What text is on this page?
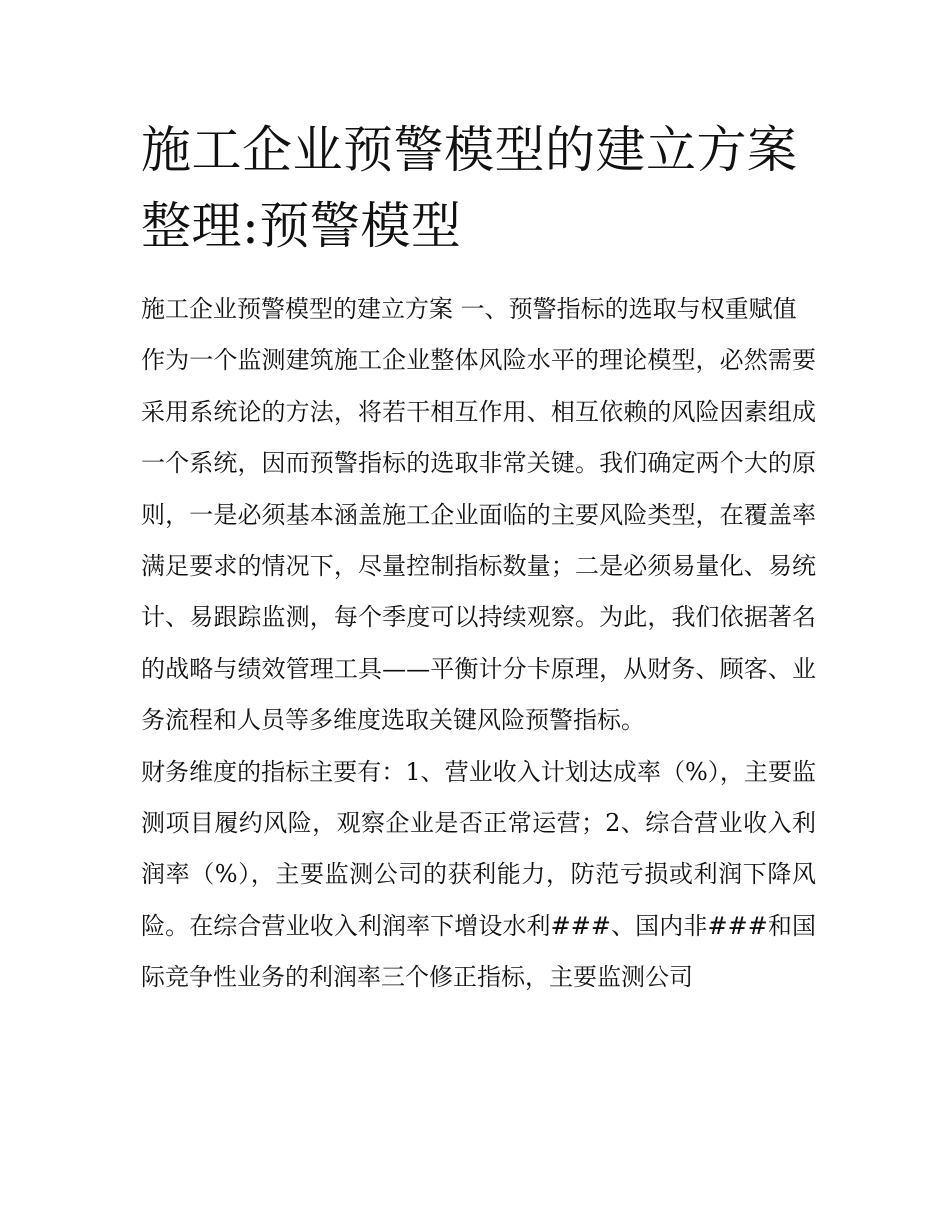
施工企业预警模型的建立方案整理:预警模型

施工企业预警模型的建立方案 一、预警指标的选取与权重赋值

作为一个监测建筑施工企业整体风险水平的理论模型，必然需要采用系统论的方法，将若干相互作用、相互依赖的风险因素组成一个系统，因而预警指标的选取非常关键。我们确定两个大的原则，一是必须基本涵盖施工企业面临的主要风险类型，在覆盖率满足要求的情况下，尽量控制指标数量；二是必须易量化、易统计、易跟踪监测，每个季度可以持续观察。为此，我们依据著名的战略与绩效管理工具——平衡计分卡原理，从财务、顾客、业务流程和人员等多维度选取关键风险预警指标。

财务维度的指标主要有：1、营业收入计划达成率（%），主要监测项目履约风险，观察企业是否正常运营；2、综合营业收入利润率（%），主要监测公司的获利能力，防范亏损或利润下降风险。在综合营业收入利润率下增设水利###、国内非###和国际竞争性业务的利润率三个修正指标，主要监测公司
